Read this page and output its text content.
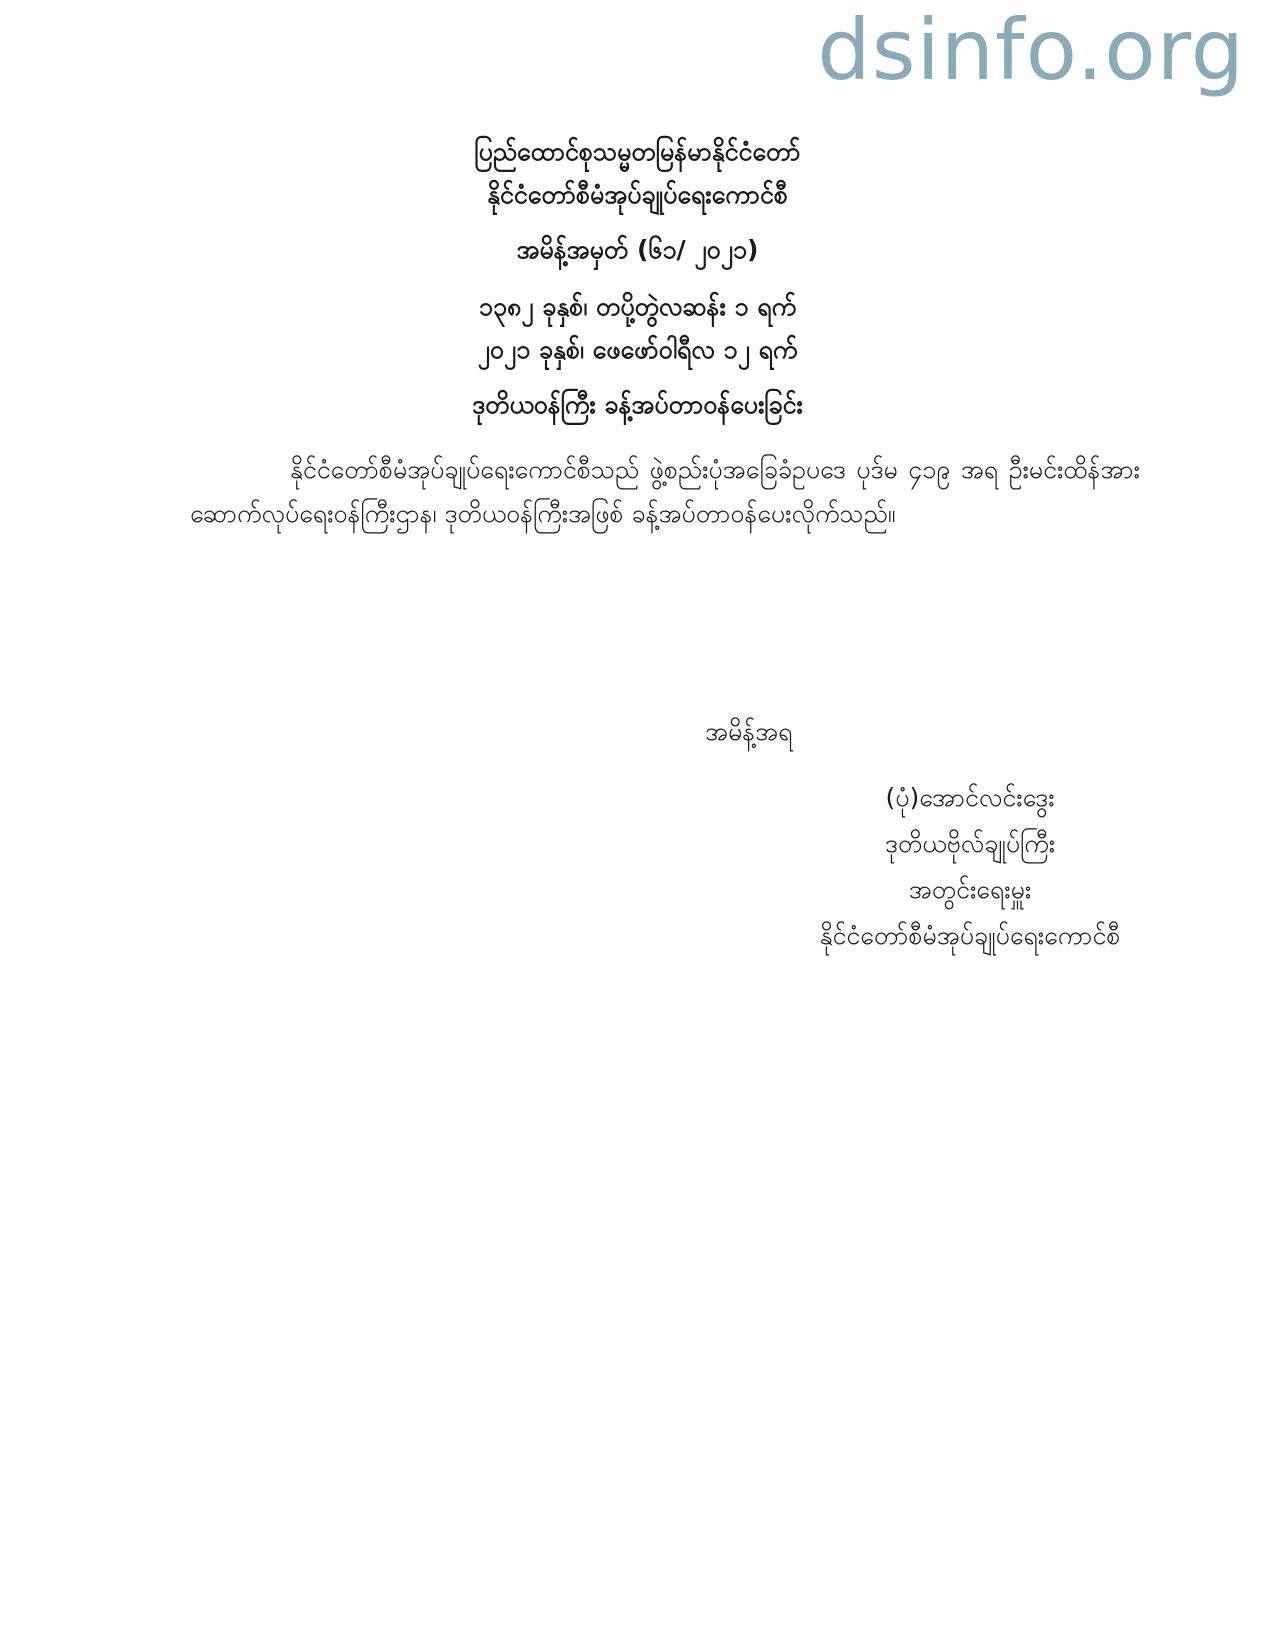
dsinfo.org
ပြည်ထောင်စုသမ္မတမြန်မာနိုင်ငံတော်
နိုင်ငံတော်စီမံအုပ်ချုပ်ရေးကောင်စီ
အမိန့်အမှတ် (၆၁/ ၂၀၂၁)
၁၃၈၂ ခုနှစ်၊ တပို့တွဲလဆန်း ၁ ရက်
၂၀၂၁ ခုနှစ်၊ ဖေဖော်ဝါရီလ ၁၂ ရက်
ဒုတိယဝန်ကြီး ခန့်အပ်တာဝန်ပေးခြင်း
နိုင်ငံတော်စီမံအုပ်ချုပ်ရေးကောင်စီသည် ဖွဲ့စည်းပုံအခြေခံဥပဒေ ပုဒ်မ ၄၁၉ အရ ဦးမင်းထိန်အား ဆောက်လုပ်ရေးဝန်ကြီးဌာန၊ ဒုတိယဝန်ကြီးအဖြစ် ခန့်အပ်တာဝန်ပေးလိုက်သည်။
အမိန့်အရ
(ပုံ)အောင်လင်းဒွေး
ဒုတိယဗိုလ်ချုပ်ကြီး
အတွင်းရေးမှူး
နိုင်ငံတော်စီမံအုပ်ချုပ်ရေးကောင်စီ
